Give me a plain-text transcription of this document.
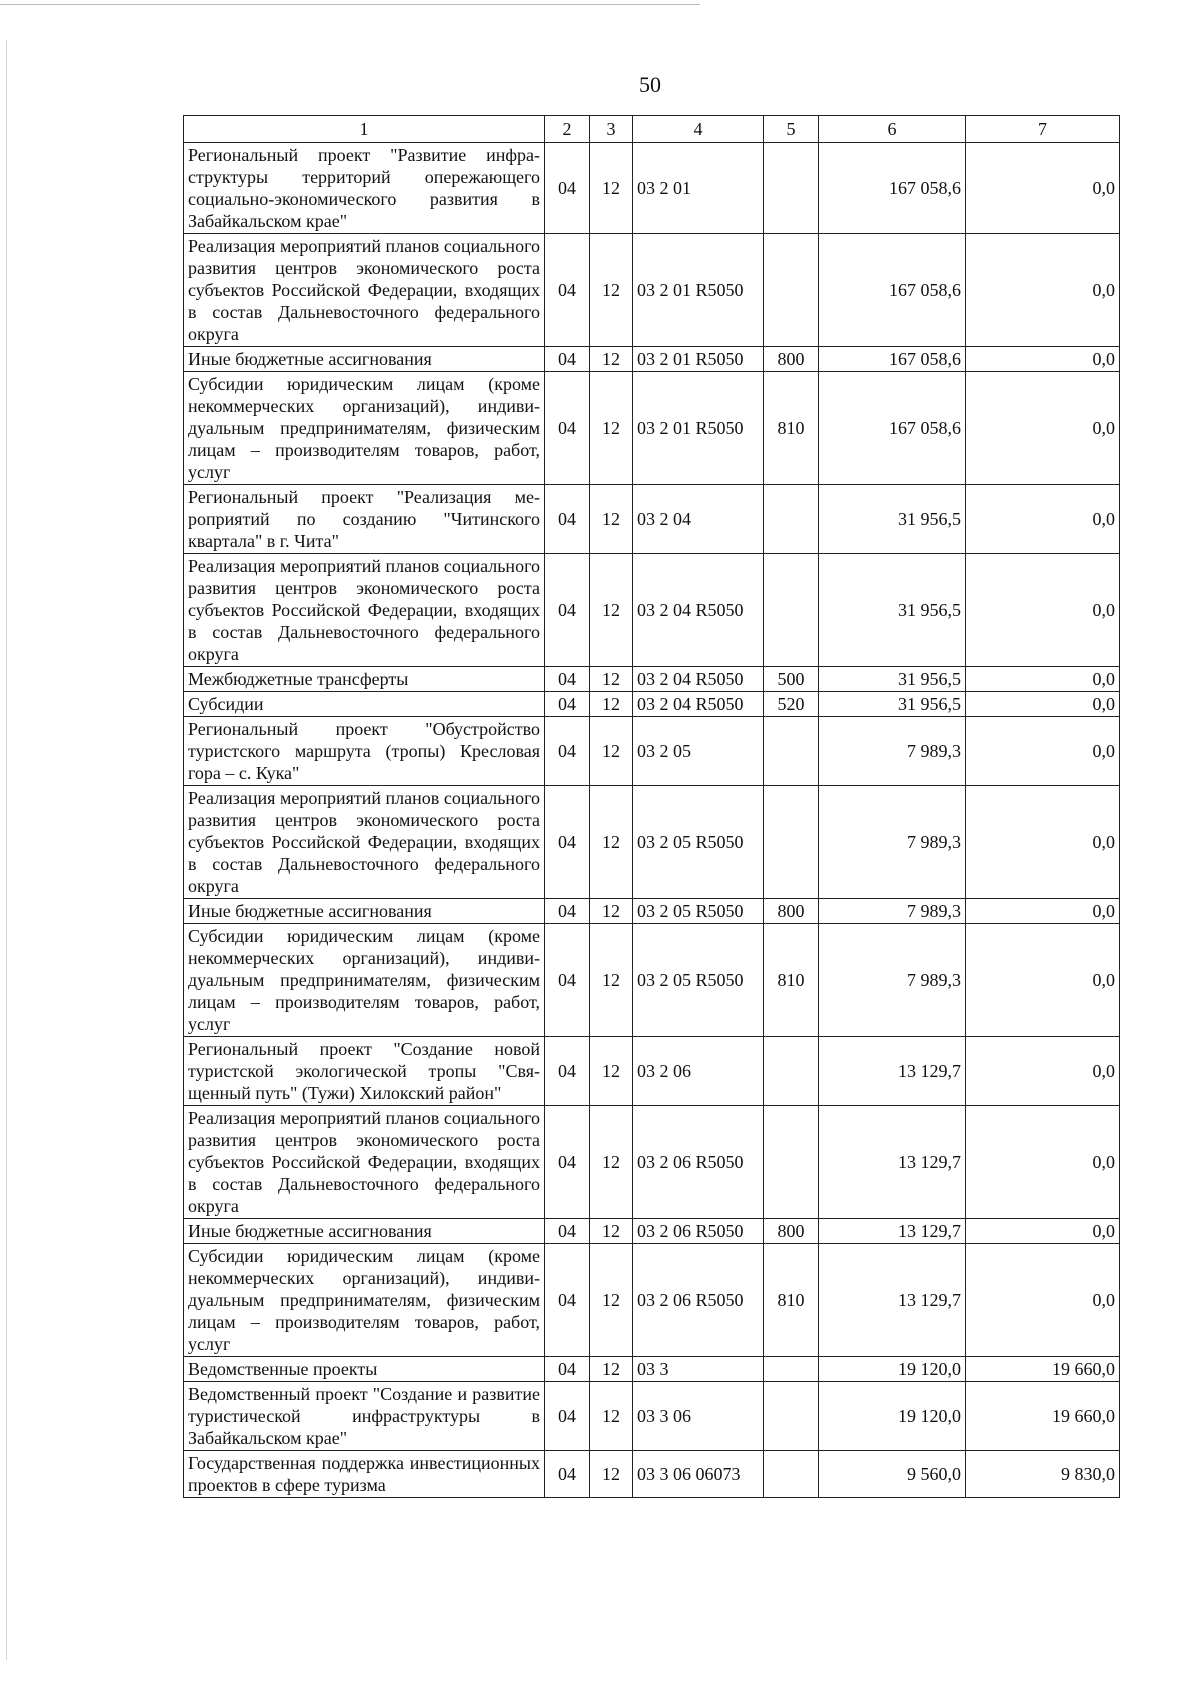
50
1	2	3	4	5	6	7
Региональный проект "Развитие инфраструктуры территорий опережающего социально-экономического развития в Забайкальском крае"	04	12	03 2 01		167 058,6	0,0
Реализация мероприятий планов социального развития центров экономического роста субъектов Российской Федерации, входящих в состав Дальневосточного федерального округа	04	12	03 2 01 R5050		167 058,6	0,0
Иные бюджетные ассигнования	04	12	03 2 01 R5050	800	167 058,6	0,0
Субсидии юридическим лицам (кроме некоммерческих организаций), индивидуальным предпринимателям, физическим лицам – производителям товаров, работ, услуг	04	12	03 2 01 R5050	810	167 058,6	0,0
Региональный проект "Реализация мероприятий по созданию "Читинского квартала" в г. Чита"	04	12	03 2 04		31 956,5	0,0
Реализация мероприятий планов социального развития центров экономического роста субъектов Российской Федерации, входящих в состав Дальневосточного федерального округа	04	12	03 2 04 R5050		31 956,5	0,0
Межбюджетные трансферты	04	12	03 2 04 R5050	500	31 956,5	0,0
Субсидии	04	12	03 2 04 R5050	520	31 956,5	0,0
Региональный проект "Обустройство туристского маршрута (тропы) Кресловая гора – с. Кука"	04	12	03 2 05		7 989,3	0,0
Реализация мероприятий планов социального развития центров экономического роста субъектов Российской Федерации, входящих в состав Дальневосточного федерального округа	04	12	03 2 05 R5050		7 989,3	0,0
Иные бюджетные ассигнования	04	12	03 2 05 R5050	800	7 989,3	0,0
Субсидии юридическим лицам (кроме некоммерческих организаций), индивидуальным предпринимателям, физическим лицам – производителям товаров, работ, услуг	04	12	03 2 05 R5050	810	7 989,3	0,0
Региональный проект "Создание новой туристской экологической тропы "Священный путь" (Тужи) Хилокский район"	04	12	03 2 06		13 129,7	0,0
Реализация мероприятий планов социального развития центров экономического роста субъектов Российской Федерации, входящих в состав Дальневосточного федерального округа	04	12	03 2 06 R5050		13 129,7	0,0
Иные бюджетные ассигнования	04	12	03 2 06 R5050	800	13 129,7	0,0
Субсидии юридическим лицам (кроме некоммерческих организаций), индивидуальным предпринимателям, физическим лицам – производителям товаров, работ, услуг	04	12	03 2 06 R5050	810	13 129,7	0,0
Ведомственные проекты	04	12	03 3		19 120,0	19 660,0
Ведомственный проект "Создание и развитие туристической инфраструктуры в Забайкальском крае"	04	12	03 3 06		19 120,0	19 660,0
Государственная поддержка инвестиционных проектов в сфере туризма	04	12	03 3 06 06073		9 560,0	9 830,0
